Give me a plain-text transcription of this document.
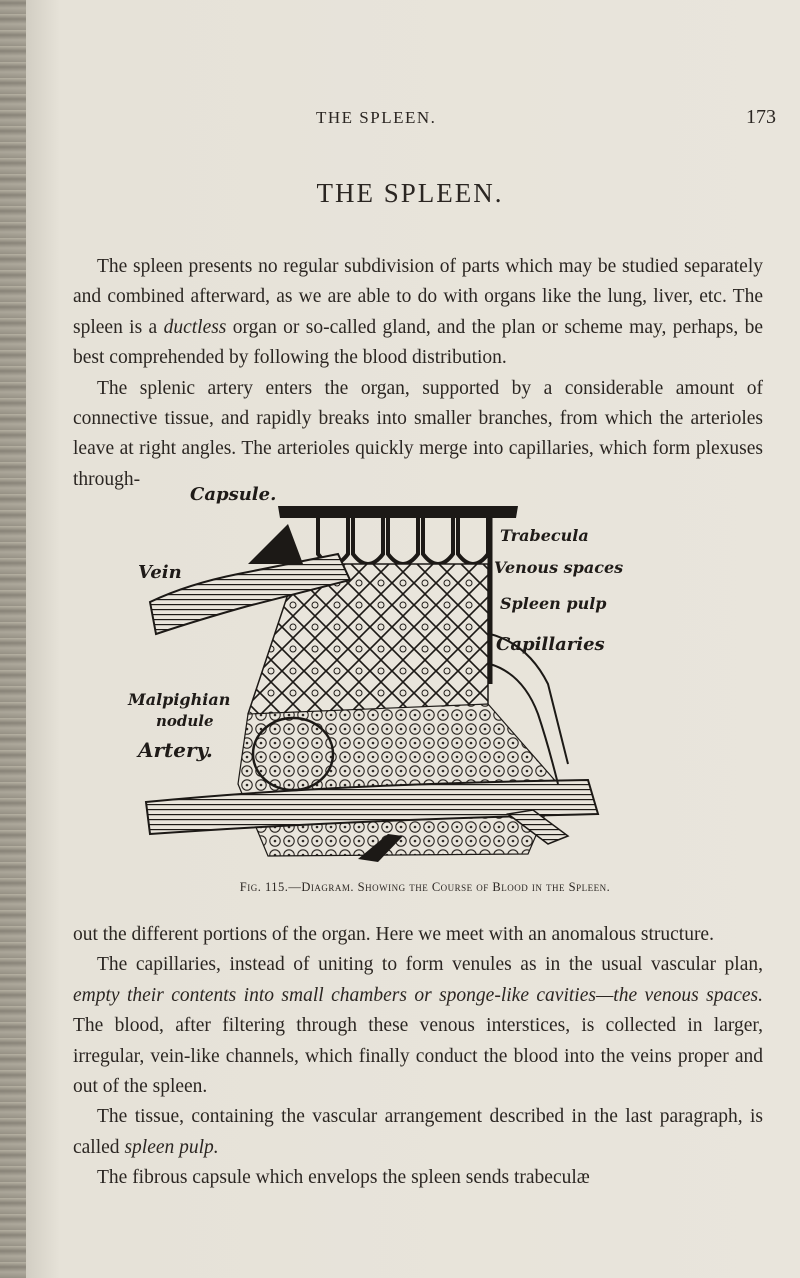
THE SPLEEN.	173
THE SPLEEN.

The spleen presents no regular subdivision of parts which may be studied separately and combined afterward, as we are able to do with organs like the lung, liver, etc. The spleen is a ductless organ or so-called gland, and the plan or scheme may, perhaps, be best comprehended by following the blood distribution.

The splenic artery enters the organ, supported by a considerable amount of connective tissue, and rapidly breaks into smaller branches, from which the arterioles leave at right angles. The arterioles quickly merge into capillaries, which form plexuses through-

Capsule.
Vein
Trabecula
Venous spaces
Spleen pulp
Capillaries
Malpighian
nodule
Artery.
Fig. 115.—Diagram. Showing the Course of Blood in the Spleen.

out the different portions of the organ. Here we meet with an anomalous structure.

The capillaries, instead of uniting to form venules as in the usual vascular plan, empty their contents into small chambers or sponge-like cavities—the venous spaces. The blood, after filtering through these venous interstices, is collected in larger, irregular, vein-like channels, which finally conduct the blood into the veins proper and out of the spleen.

The tissue, containing the vascular arrangement described in the last paragraph, is called spleen pulp.

The fibrous capsule which envelops the spleen sends trabeculæ
